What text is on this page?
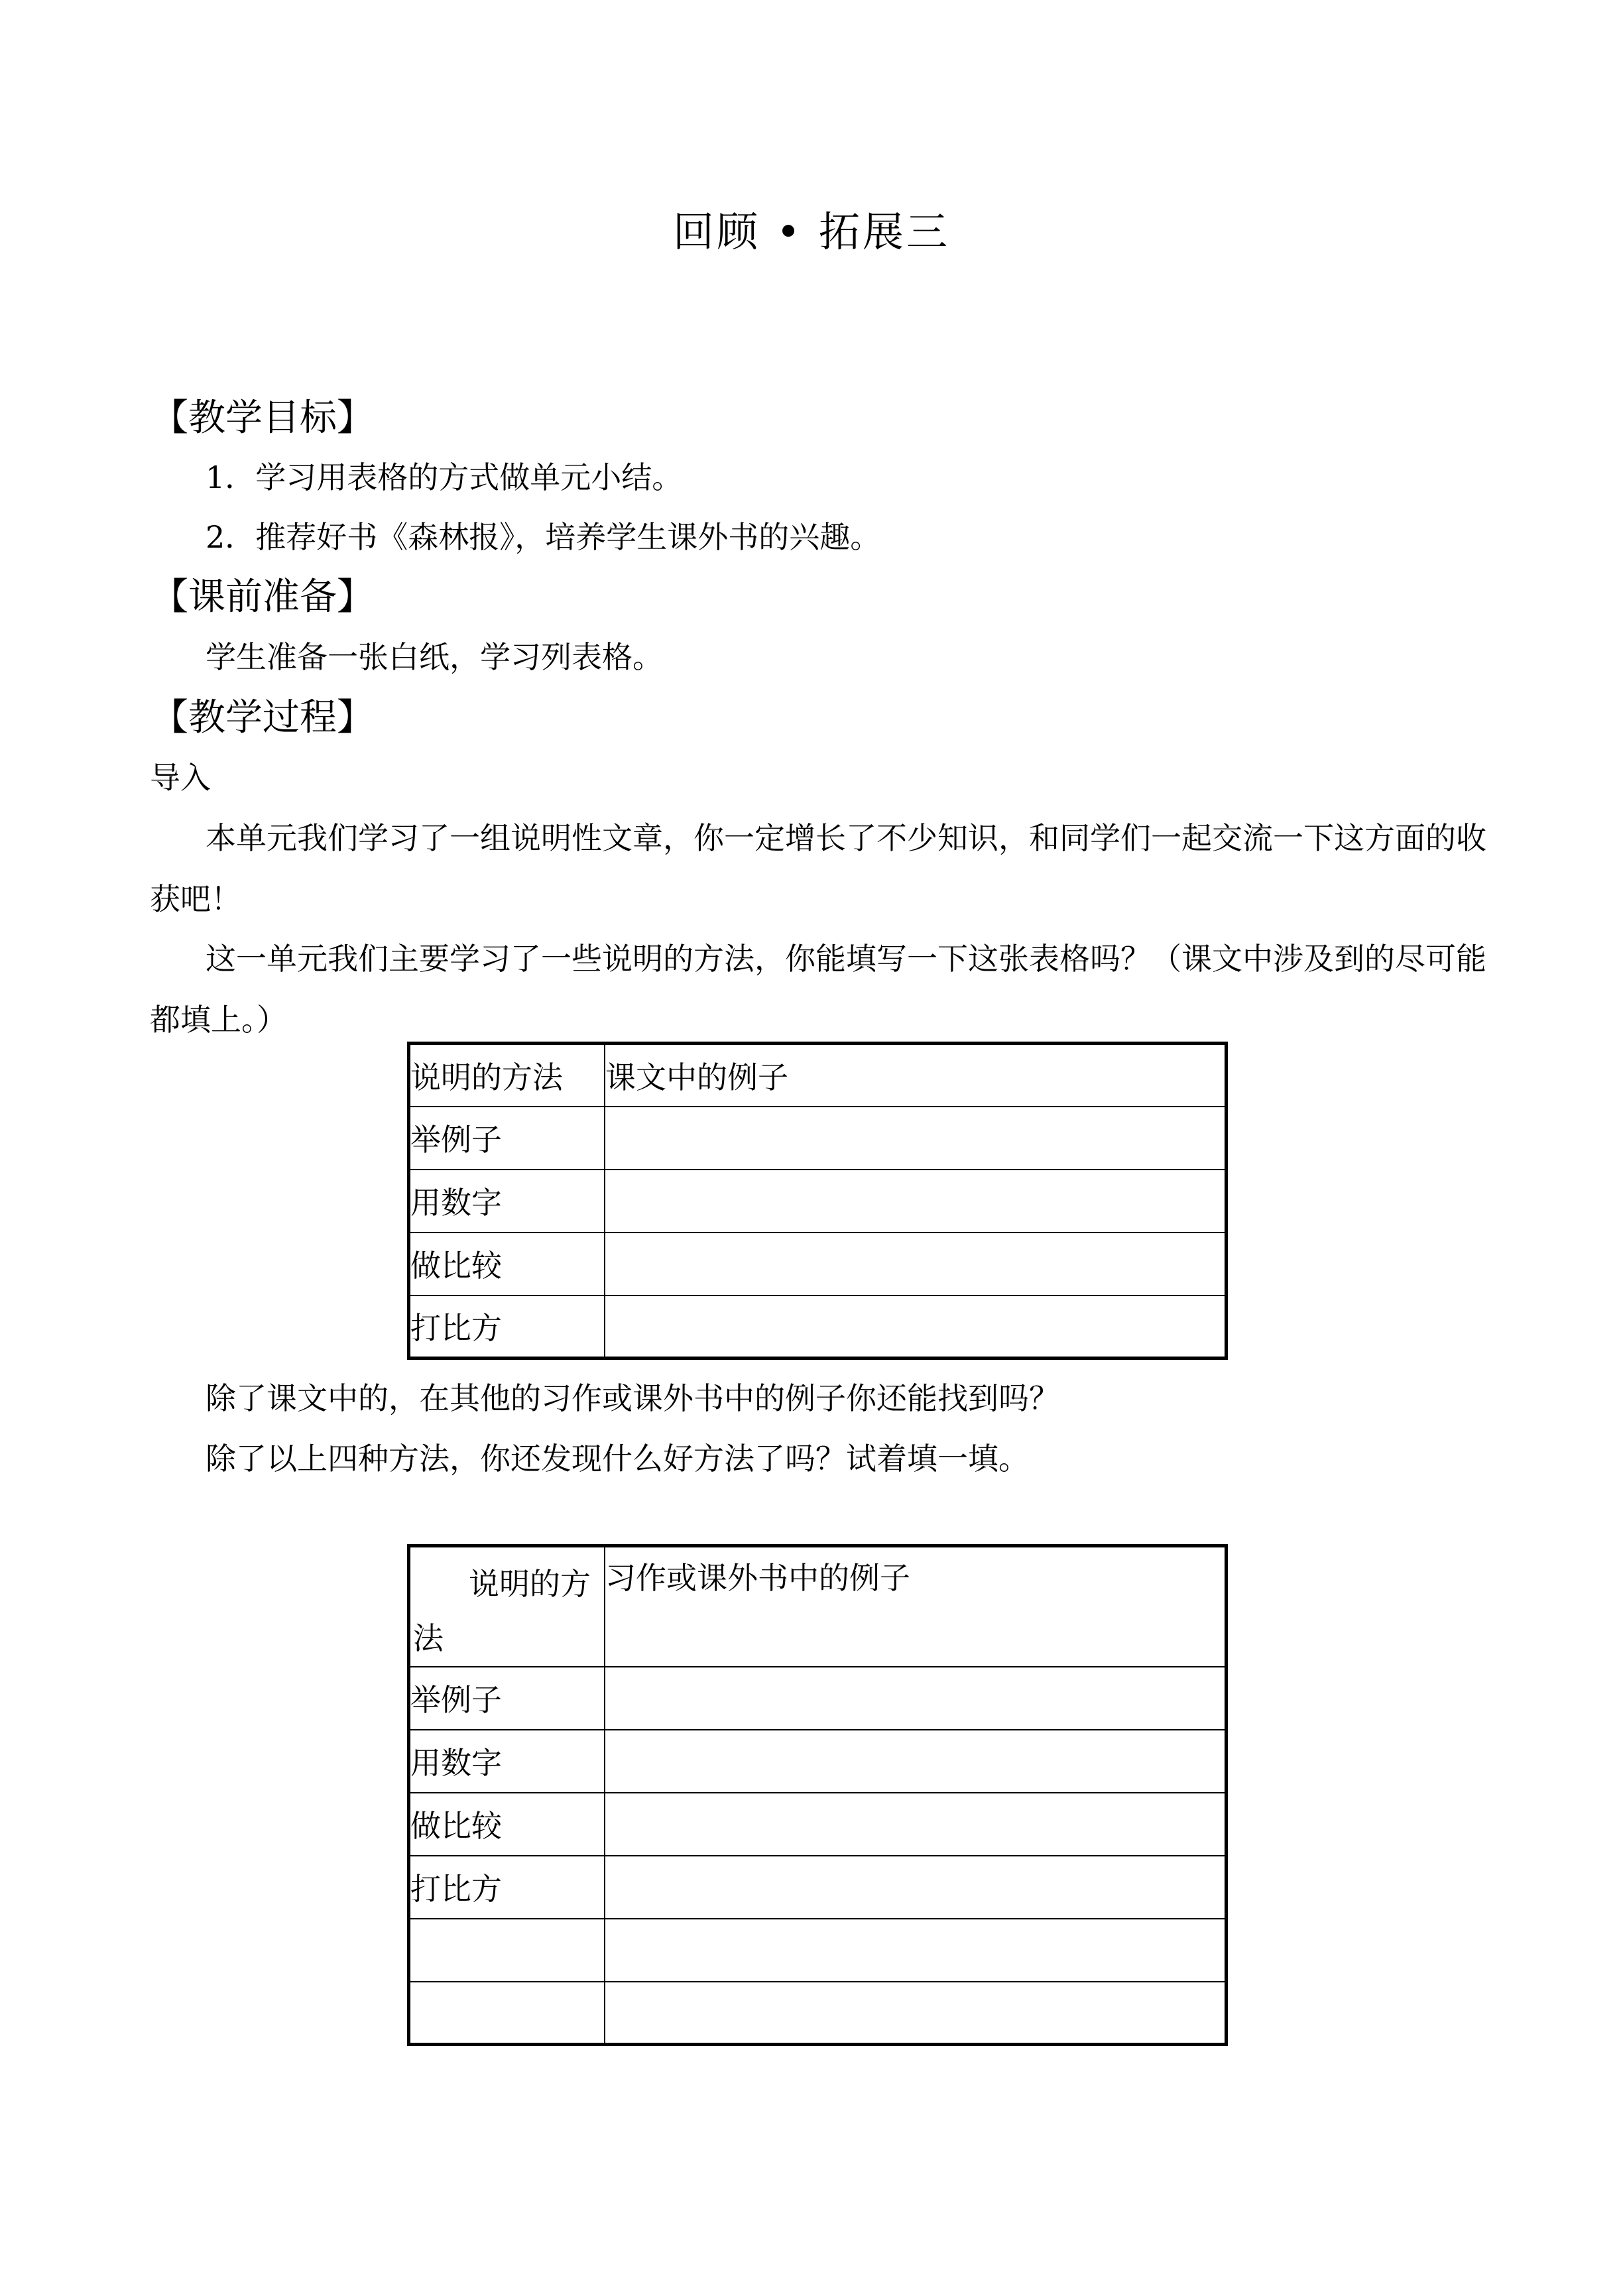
回顾 • 拓展三
【教学目标】
1．学习用表格的方式做单元小结。
2．推荐好书《森林报》，培养学生课外书的兴趣。
【课前准备】
学生准备一张白纸，学习列表格。
【教学过程】
导入
本单元我们学习了一组说明性文章，你一定增长了不少知识，和同学们一起交流一下这方面的收获吧！
这一单元我们主要学习了一些说明的方法，你能填写一下这张表格吗？（课文中涉及到的尽可能都填上。）
说明的方法	课文中的例子
举例子	
用数字	
做比较	
打比方	
除了课文中的，在其他的习作或课外书中的例子你还能找到吗？
除了以上四种方法，你还发现什么好方法了吗？试着填一填。
说明的方
法	习作或课外书中的例子
举例子	
用数字	
做比较	
打比方	
